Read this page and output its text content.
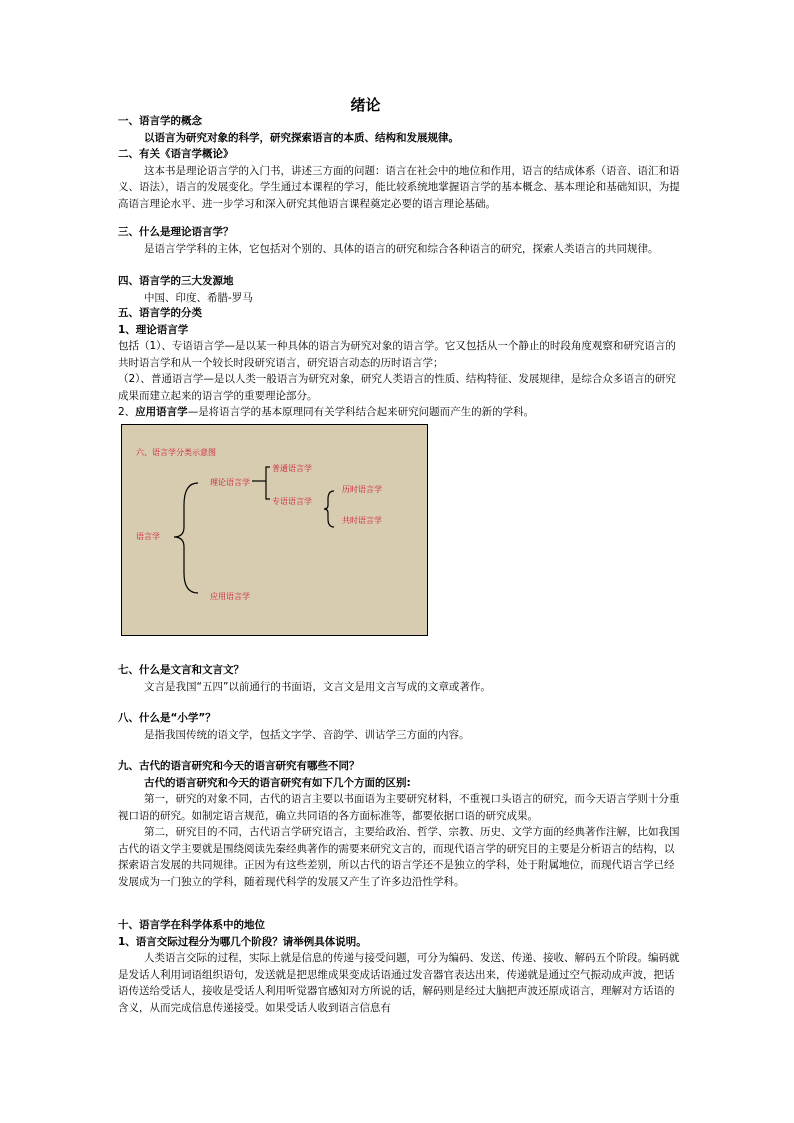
绪论

一、语言学的概念

以语言为研究对象的科学，研究探索语言的本质、结构和发展规律。

二、有关《语言学概论》

这本书是理论语言学的入门书，讲述三方面的问题：语言在社会中的地位和作用，语言的结成体系（语音、语汇和语义、语法），语言的发展变化。学生通过本课程的学习，能比较系统地掌握语言学的基本概念、基本理论和基础知识，为提高语言理论水平、进一步学习和深入研究其他语言课程奠定必要的语言理论基础。

三、什么是理论语言学？

是语言学学科的主体，它包括对个别的、具体的语言的研究和综合各种语言的研究，探索人类语言的共同规律。

四、语言学的三大发源地

中国、印度、希腊-罗马

五、语言学的分类

1、理论语言学

包括（1）、专语语言学—是以某一种具体的语言为研究对象的语言学。它又包括从一个静止的时段角度观察和研究语言的共时语言学和从一个较长时段研究语言，研究语言动态的历时语言学；

（2）、普通语言学—是以人类一般语言为研究对象，研究人类语言的性质、结构特征、发展规律，是综合众多语言的研究成果而建立起来的语言学的重要理论部分。

2、应用语言学—是将语言学的基本原理同有关学科结合起来研究问题而产生的新的学科。

六、语言学分类示意图
语言学
理论语言学
普通语言学
专语语言学
历时语言学
共时语言学
应用语言学

七、什么是文言和文言文？

文言是我国“五四”以前通行的书面语，文言文是用文言写成的文章或著作。

八、什么是“小学”？

是指我国传统的语文学，包括文字学、音韵学、训诂学三方面的内容。

九、古代的语言研究和今天的语言研究有哪些不同？

古代的语言研究和今天的语言研究有如下几个方面的区别:

第一，研究的对象不同，古代的语言主要以书面语为主要研究材料，不重视口头语言的研究，而今天语言学则十分重视口语的研究。如制定语言规范，确立共同语的各方面标准等，都要依据口语的研究成果。

第二，研究目的不同，古代语言学研究语言，主要给政治、哲学、宗教、历史、文学方面的经典著作注解，比如我国古代的语文学主要就是围绕阅读先秦经典著作的需要来研究文言的，而现代语言学的研究目的主要是分析语言的结构，以探索语言发展的共同规律。正因为有这些差别，所以古代的语言学还不是独立的学科，处于附属地位，而现代语言学已经发展成为一门独立的学科，随着现代科学的发展又产生了许多边沿性学科。

十、语言学在科学体系中的地位

1、语言交际过程分为哪几个阶段？请举例具体说明。

人类语言交际的过程，实际上就是信息的传递与接受问题，可分为编码、发送、传递、接收、解码五个阶段。编码就是发话人利用词语组织语句，发送就是把思维成果变成话语通过发音器官表达出来，传递就是通过空气振动成声波，把话语传送给受话人，接收是受话人利用听觉器官感知对方所说的话，解码则是经过大脑把声波还原成语言，理解对方话语的含义，从而完成信息传递接受。如果受话人收到语言信息有
